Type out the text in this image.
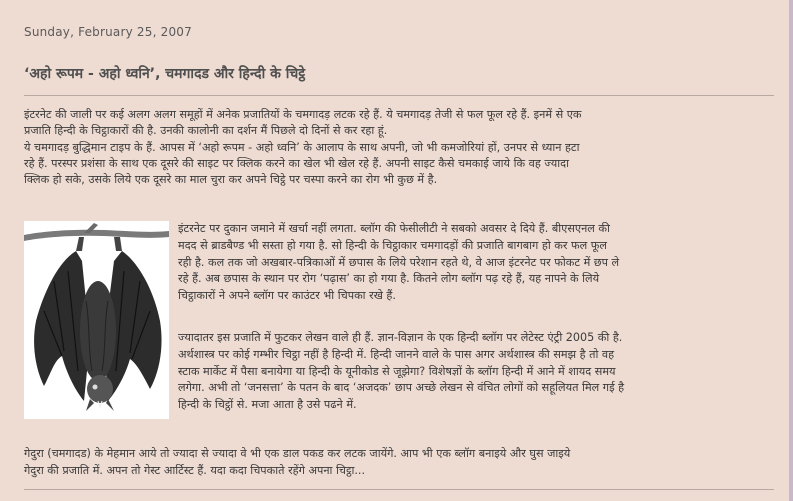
Sunday, February 25, 2007
‘अहो रूपम - अहो ध्वनि’, चमगादड और हिन्दी के चिट्ठे

इंटरनेट की जाली पर कई अलग अलग समूहों में अनेक प्रजातियों के चमगादड़ लटक रहे हैं. ये चमगादड़ तेजी से फल फूल रहे हैं. इनमें से एक

प्रजाति हिन्दी के चिट्ठाकारों की है. उनकी कालोनी का दर्शन मैं पिछले दो दिनों से कर रहा हूं.

ये चमगादड़ बुद्धिमान टाइप के हैं. आपस में ‘अहो रूपम - अहो ध्वनि’ के आलाप के साथ अपनी, जो भी कमजोरियां हों, उनपर से ध्यान हटा

रहे हैं. परस्पर प्रशंसा के साथ एक दूसरे की साइट पर क्लिक करने का खेल भी खेल रहे हैं. अपनी साइट कैसे चमकाई जाये कि वह ज्यादा

क्लिक हो सके, उसके लिये एक दूसरे का माल चुरा कर अपने चिट्ठे पर चस्पा करने का रोग भी कुछ में है.

इंटरनेट पर दुकान जमाने में खर्चा नहीं लगता. ब्लॉग की फेसीलीटी ने सबको अवसर दे दिये हैं. बीएसएनल की

मदद से ब्राडबैण्ड भी सस्ता हो गया है. सो हिन्दी के चिट्ठाकार चमगादड़ों की प्रजाति बागबाग हो कर फल फूल

रही है. कल तक जो अखबार-पत्रिकाओं में छपास के लिये परेशान रहते थे, वे आज इंटरनेट पर फोकट में छप ले

रहे हैं. अब छपास के स्थान पर रोग ‘पढ़ास’ का हो गया है. कितने लोग ब्लॉग पढ़ रहे हैं, यह नापने के लिये

चिट्ठाकारों ने अपने ब्लॉग पर काउंटर भी चिपका रखे हैं.

ज्यादातर इस प्रजाति में फुटकर लेखन वाले ही हैं. ज्ञान-विज्ञान के एक हिन्दी ब्लॉग पर लेटेस्ट एंट्री 2005 की है.

अर्थशास्त्र पर कोई गम्भीर चिट्ठा नहीं है हिन्दी में. हिन्दी जानने वाले के पास अगर अर्थशास्त्र की समझ है तो वह

स्टाक मार्केट में पैसा बनायेगा या हिन्दी के यूनीकोड से जूझेगा? विशेषज्ञों के ब्लॉग हिन्दी में आने में शायद समय

लगेगा. अभी तो ‘जनसत्ता’ के पतन के बाद ‘अजदक’ छाप अच्छे लेखन से वंचित लोगों को सहूलियत मिल गई है

हिन्दी के चिट्ठों से. मजा आता है उसे पढने में.

गेदुरा (चमगादड) के मेहमान आये तो ज्यादा से ज्यादा वे भी एक डाल पकड कर लटक जायेंगे. आप भी एक ब्लॉग बनाइये और घुस जाइये

गेदुरा की प्रजाति में. अपन तो गेस्ट आर्टिस्ट हैं. यदा कदा चिपकाते रहेंगे अपना चिट्ठा...
